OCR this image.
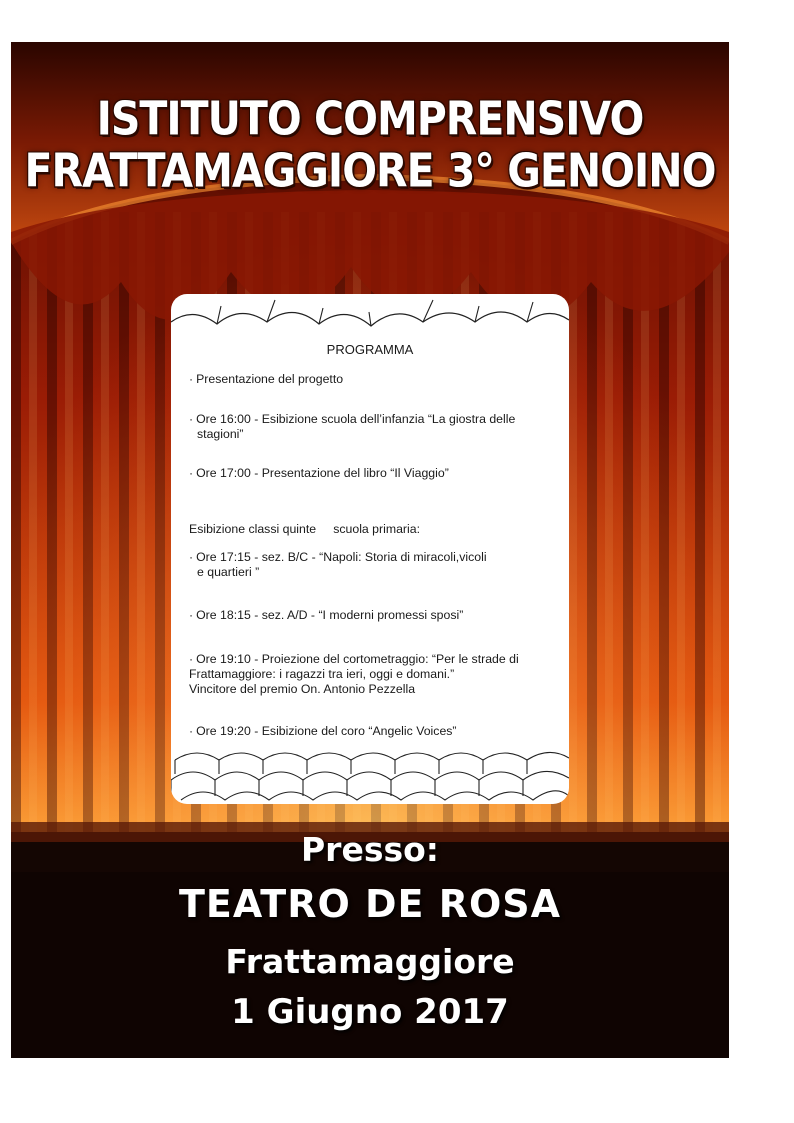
ISTITUTO COMPRENSIVO
FRATTAMAGGIORE 3° GENOINO
PROGRAMMA
· Presentazione del progetto
· Ore 16:00 - Esibizione scuola dell’infanzia “La giostra delle
stagioni”
· Ore 17:00 - Presentazione del libro “Il Viaggio”
Esibizione classi quinte     scuola primaria:
· Ore 17:15 - sez. B/C - “Napoli: Storia di miracoli,vicoli
e quartieri ”
· Ore 18:15 - sez. A/D - “I moderni promessi sposi”
· Ore 19:10 - Proiezione del cortometraggio: “Per le strade di
Frattamaggiore: i ragazzi tra ieri, oggi e domani.”
Vincitore del premio On. Antonio Pezzella
· Ore 19:20 - Esibizione del coro “Angelic Voices”
Presso:
TEATRO DE ROSA
Frattamaggiore
1 Giugno 2017
